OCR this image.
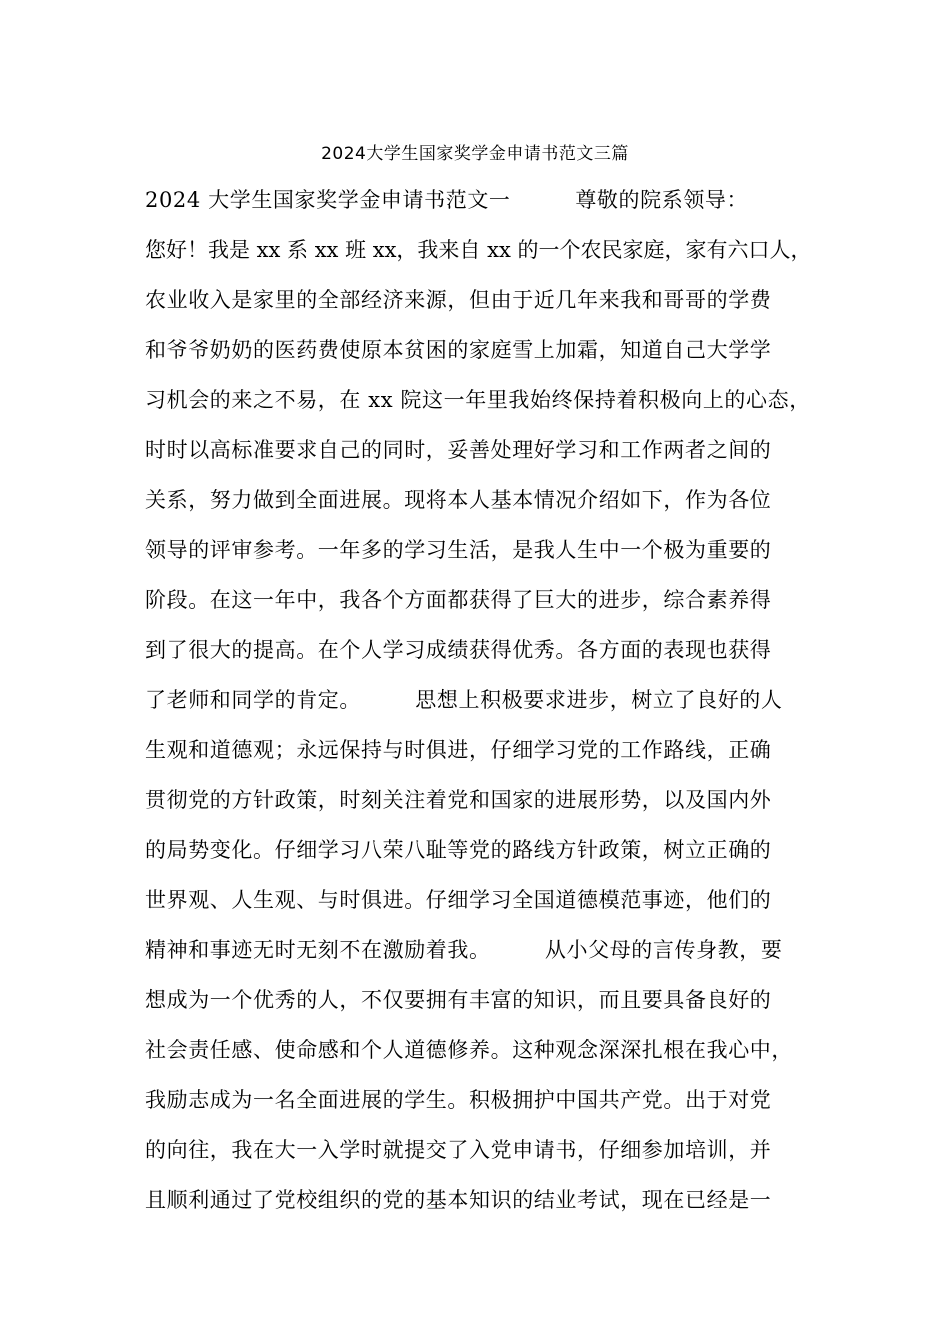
2024大学生国家奖学金申请书范文三篇
2024 大学生国家奖学金申请书范文一　　　尊敬的院系领导：
您好！我是 xx 系 xx 班 xx，我来自 xx 的一个农民家庭，家有六口人，
农业收入是家里的全部经济来源，但由于近几年来我和哥哥的学费
和爷爷奶奶的医药费使原本贫困的家庭雪上加霜，知道自己大学学
习机会的来之不易，在 xx 院这一年里我始终保持着积极向上的心态，
时时以高标准要求自己的同时，妥善处理好学习和工作两者之间的
关系，努力做到全面进展。现将本人基本情况介绍如下，作为各位
领导的评审参考。一年多的学习生活，是我人生中一个极为重要的
阶段。在这一年中，我各个方面都获得了巨大的进步，综合素养得
到了很大的提高。在个人学习成绩获得优秀。各方面的表现也获得
了老师和同学的肯定。　　　思想上积极要求进步，树立了良好的人
生观和道德观；永远保持与时俱进，仔细学习党的工作路线，正确
贯彻党的方针政策，时刻关注着党和国家的进展形势，以及国内外
的局势变化。仔细学习八荣八耻等党的路线方针政策，树立正确的
世界观、人生观、与时俱进。仔细学习全国道德模范事迹，他们的
精神和事迹无时无刻不在激励着我。　　　从小父母的言传身教，要
想成为一个优秀的人，不仅要拥有丰富的知识，而且要具备良好的
社会责任感、使命感和个人道德修养。这种观念深深扎根在我心中，
我励志成为一名全面进展的学生。积极拥护中国共产党。出于对党
的向往，我在大一入学时就提交了入党申请书，仔细参加培训，并
且顺利通过了党校组织的党的基本知识的结业考试，现在已经是一
